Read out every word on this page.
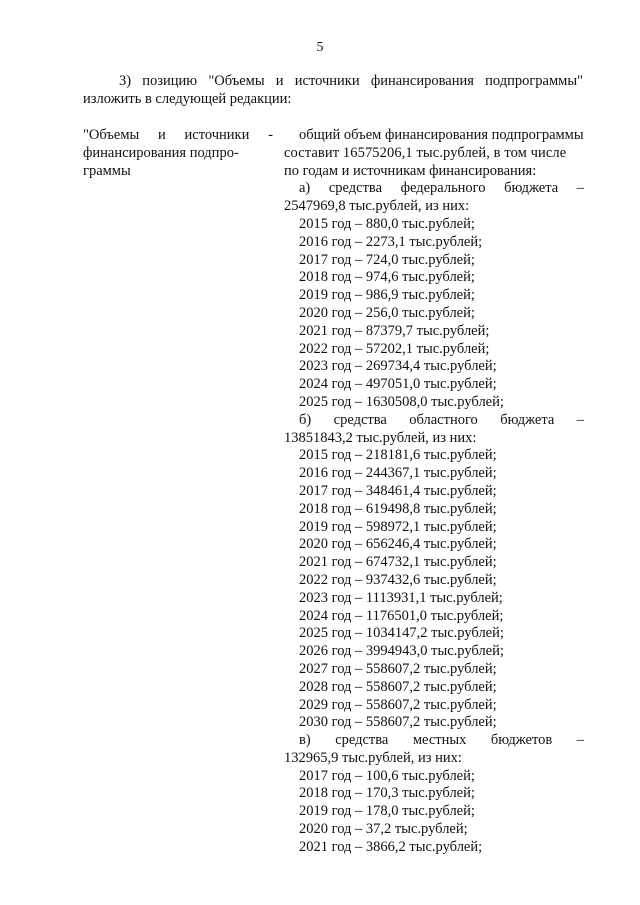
5
3) позицию "Объемы и источники финансирования подпрограммы" изложить в следующей редакции:
"Объемы и источники -
финансирования подпро-
граммы
общий объем финансирования подпрограммы
составит 16575206,1 тыс.рублей, в том числе
по годам и источникам финансирования:
а) средства федерального бюджета –
2547969,8 тыс.рублей, из них:
2015 год – 880,0 тыс.рублей;
2016 год – 2273,1 тыс.рублей;
2017 год – 724,0 тыс.рублей;
2018 год – 974,6 тыс.рублей;
2019 год – 986,9 тыс.рублей;
2020 год – 256,0 тыс.рублей;
2021 год – 87379,7 тыс.рублей;
2022 год – 57202,1 тыс.рублей;
2023 год – 269734,4 тыс.рублей;
2024 год – 497051,0 тыс.рублей;
2025 год – 1630508,0 тыс.рублей;
б) средства областного бюджета –
13851843,2 тыс.рублей, из них:
2015 год – 218181,6 тыс.рублей;
2016 год – 244367,1 тыс.рублей;
2017 год – 348461,4 тыс.рублей;
2018 год – 619498,8 тыс.рублей;
2019 год – 598972,1 тыс.рублей;
2020 год – 656246,4 тыс.рублей;
2021 год – 674732,1 тыс.рублей;
2022 год – 937432,6 тыс.рублей;
2023 год – 1113931,1 тыс.рублей;
2024 год – 1176501,0 тыс.рублей;
2025 год – 1034147,2 тыс.рублей;
2026 год – 3994943,0 тыс.рублей;
2027 год – 558607,2 тыс.рублей;
2028 год – 558607,2 тыс.рублей;
2029 год – 558607,2 тыс.рублей;
2030 год – 558607,2 тыс.рублей;
в) средства местных бюджетов –
132965,9 тыс.рублей, из них:
2017 год – 100,6 тыс.рублей;
2018 год – 170,3 тыс.рублей;
2019 год – 178,0 тыс.рублей;
2020 год – 37,2 тыс.рублей;
2021 год – 3866,2 тыс.рублей;
